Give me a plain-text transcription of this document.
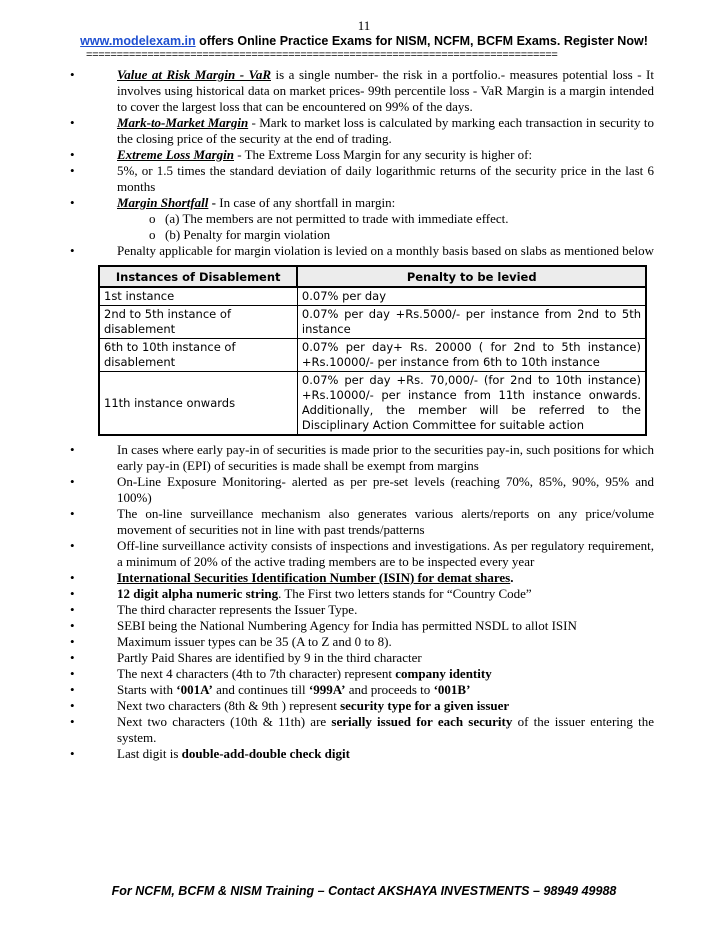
11
www.modelexam.in offers Online Practice Exams for NISM, NCFM, BCFM Exams. Register Now!
=============================================================================
•	Value at Risk Margin - VaR is a single number- the risk in a portfolio.- measures potential loss - It involves using historical data on market prices- 99th percentile loss - VaR Margin is a margin intended to cover the largest loss that can be encountered on 99% of the days.
•	Mark-to-Market Margin - Mark to market loss is calculated by marking each transaction in security to the closing price of the security at the end of trading.
•	Extreme Loss Margin - The Extreme Loss Margin for any security is higher of:
•	5%, or 1.5 times the standard deviation of daily logarithmic returns of the security price in the last 6 months
•	Margin Shortfall - In case of any shortfall in margin:
o (a) The members are not permitted to trade with immediate effect.
o (b) Penalty for margin violation
•	Penalty applicable for margin violation is levied on a monthly basis based on slabs as mentioned below
Instances of Disablement	Penalty to be levied
1st instance	0.07% per day
2nd to 5th instance of disablement	0.07% per day +Rs.5000/- per instance from 2nd to 5th instance
6th to 10th instance of disablement	0.07% per day+ Rs. 20000 ( for 2nd to 5th instance) +Rs.10000/- per instance from 6th to 10th instance
11th instance onwards	0.07% per day +Rs. 70,000/- (for 2nd to 10th instance) +Rs.10000/- per instance from 11th instance onwards. Additionally, the member will be referred to the Disciplinary Action Committee for suitable action
•	In cases where early pay-in of securities is made prior to the securities pay-in, such positions for which early pay-in (EPI) of securities is made shall be exempt from margins
•	On-Line Exposure Monitoring- alerted as per pre-set levels (reaching 70%, 85%, 90%, 95% and 100%)
•	The on-line surveillance mechanism also generates various alerts/reports on any price/volume movement of securities not in line with past trends/patterns
•	Off-line surveillance activity consists of inspections and investigations. As per regulatory requirement, a minimum of 20% of the active trading members are to be inspected every year
•	International Securities Identification Number (ISIN) for demat shares.
•	12 digit alpha numeric string. The First two letters stands for “Country Code”
•	The third character represents the Issuer Type.
•	SEBI being the National Numbering Agency for India has permitted NSDL to allot ISIN
•	Maximum issuer types can be 35 (A to Z and 0 to 8).
•	Partly Paid Shares are identified by 9 in the third character
•	The next 4 characters (4th to 7th character) represent company identity
•	Starts with ‘001A’ and continues till ‘999A’ and proceeds to ‘001B’
•	Next two characters (8th & 9th ) represent security type for a given issuer
•	Next two characters (10th & 11th) are serially issued for each security of the issuer entering the system.
•	Last digit is double-add-double check digit
For NCFM, BCFM & NISM Training – Contact AKSHAYA INVESTMENTS – 98949 49988
